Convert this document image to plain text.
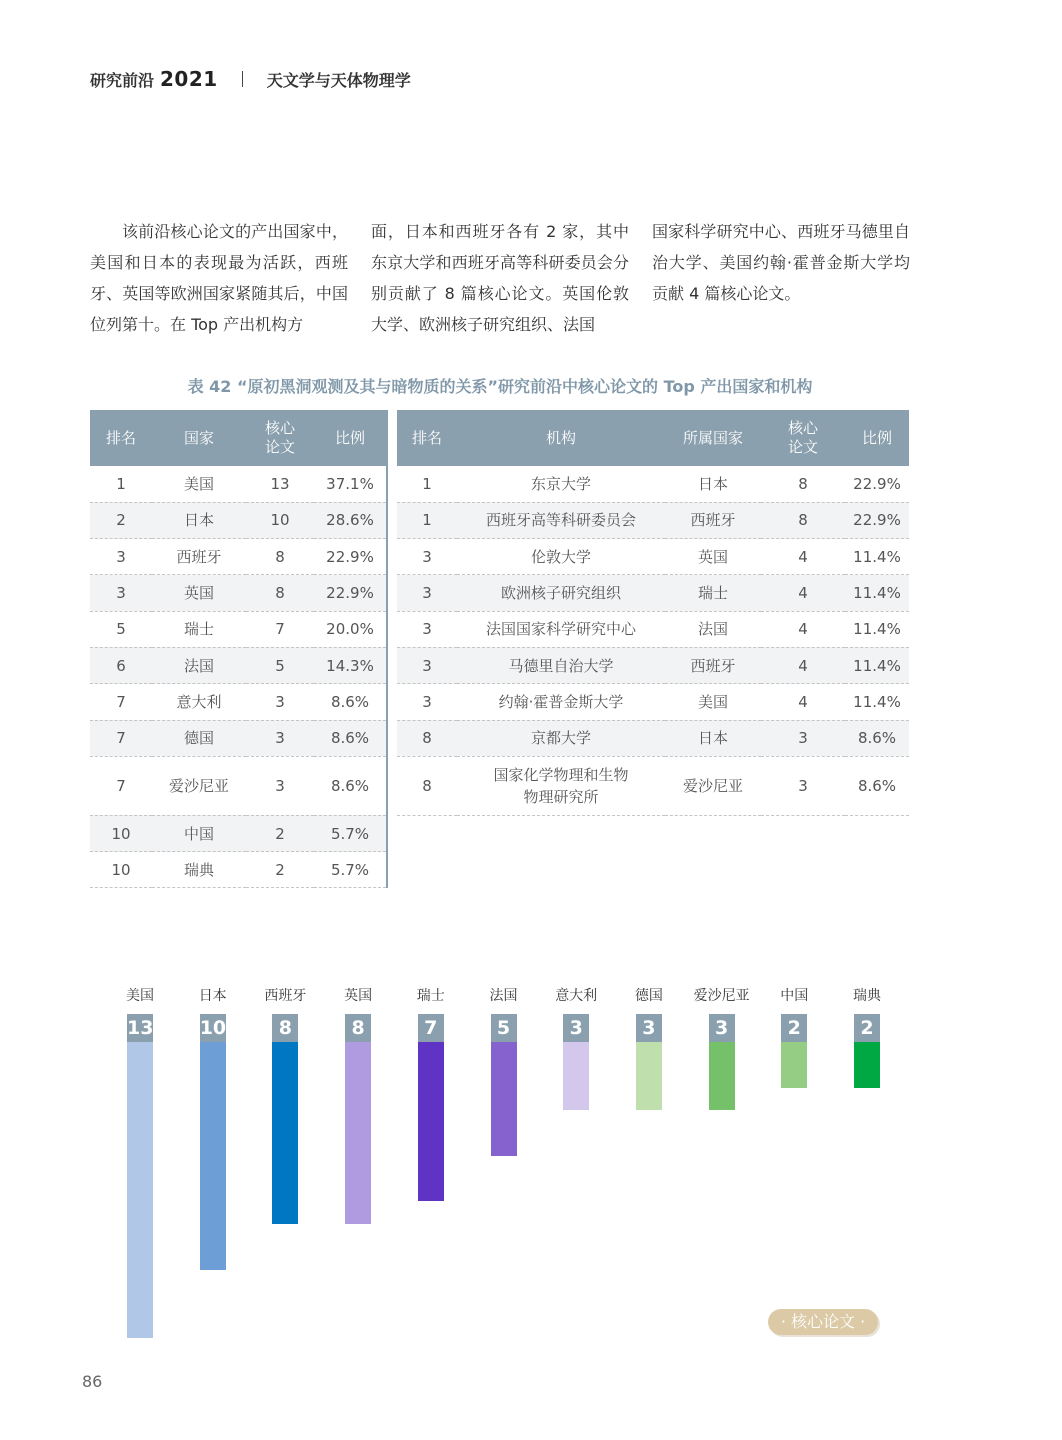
研究前沿 2021	天文学与天体物理学

该前沿核心论文的产出国家中，美国和日本的表现最为活跃，西班牙、英国等欧洲国家紧随其后，中国位列第十。在 Top 产出机构方

面，日本和西班牙各有 2 家，其中东京大学和西班牙高等科研委员会分别贡献了 8 篇核心论文。英国伦敦大学、欧洲核子研究组织、法国

国家科学研究中心、西班牙马德里自治大学、美国约翰·霍普金斯大学均贡献 4 篇核心论文。

表 42 “原初黑洞观测及其与暗物质的关系”研究前沿中核心论文的 Top 产出国家和机构
排名	国家	核心论文	比例
1	美国	13	37.1%
2	日本	10	28.6%
3	西班牙	8	22.9%
3	英国	8	22.9%
5	瑞士	7	20.0%
6	法国	5	14.3%
7	意大利	3	8.6%
7	德国	3	8.6%
7	爱沙尼亚	3	8.6%
10	中国	2	5.7%
10	瑞典	2	5.7%
排名	机构	所属国家	核心论文	比例
1	东京大学	日本	8	22.9%
1	西班牙高等科研委员会	西班牙	8	22.9%
3	伦敦大学	英国	4	11.4%
3	欧洲核子研究组织	瑞士	4	11.4%
3	法国国家科学研究中心	法国	4	11.4%
3	马德里自治大学	西班牙	4	11.4%
3	约翰·霍普金斯大学	美国	4	11.4%
8	京都大学	日本	3	8.6%
8	国家化学物理和生物物理研究所	爱沙尼亚	3	8.6%
美国
13
日本
10
西班牙
8
英国
8
瑞士
7
法国
5
意大利
3
德国
3
爱沙尼亚
3
中国
2
瑞典
2
· 核心论文 ·
86
